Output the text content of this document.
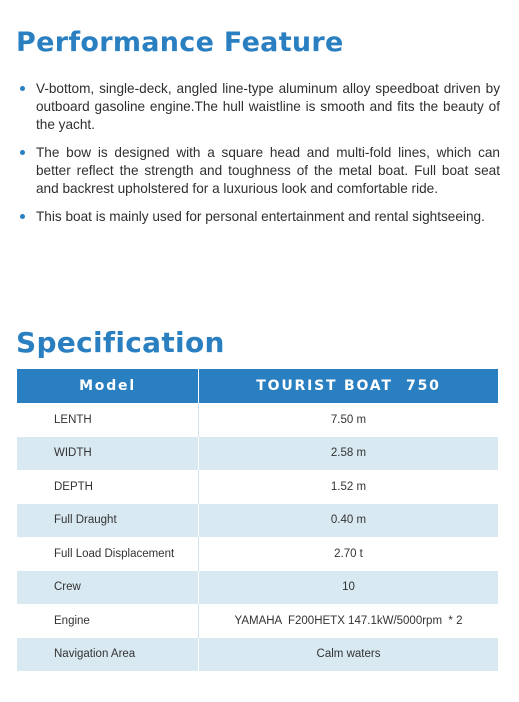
Performance Feature
V-bottom, single-deck, angled line-type aluminum alloy speedboat driven by outboard gasoline engine.The hull waistline is smooth and fits the beauty of the yacht.
The bow is designed with a square head and multi-fold lines, which can better reflect the strength and toughness of the metal boat. Full boat seat and backrest upholstered for a luxurious look and comfortable ride.
This boat is mainly used for personal entertainment and rental sightseeing.
Specification
Model	TOURIST BOAT  750
LENTH	7.50 m
WIDTH	2.58 m
DEPTH	1.52 m
Full Draught	0.40 m
Full Load Displacement	2.70 t
Crew	10
Engine	YAMAHA  F200HETX 147.1kW/5000rpm  * 2
Navigation Area	Calm waters
